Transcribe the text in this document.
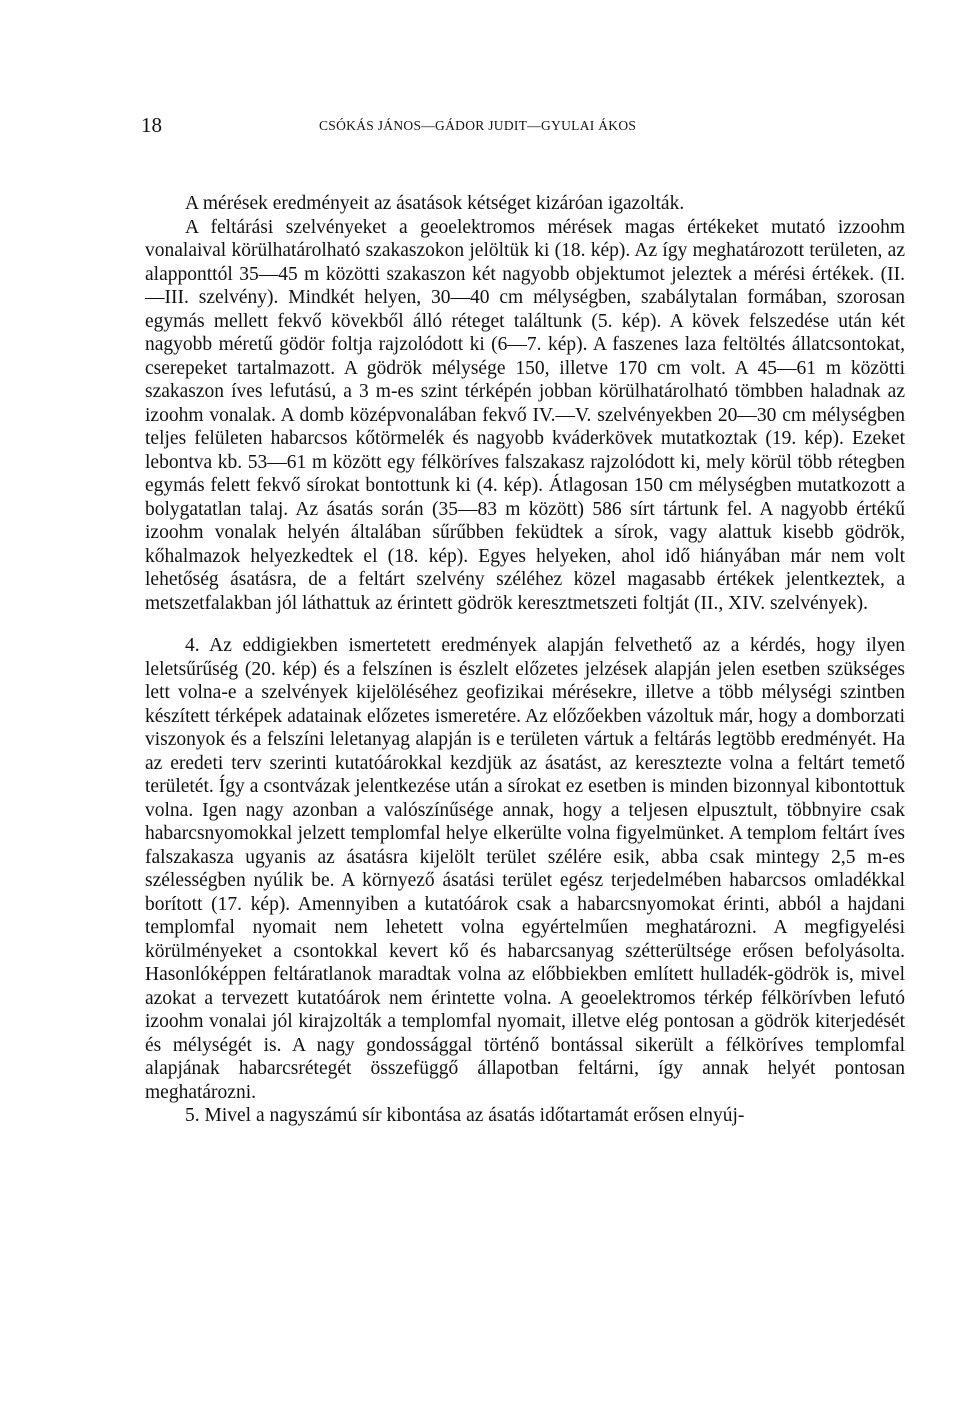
18	CSÓKÁS JÁNOS—GÁDOR JUDIT—GYULAI ÁKOS

A mérések eredményeit az ásatások kétséget kizáróan igazolták.

A feltárási szelvényeket a geoelektromos mérések magas értékeket mutató izzoohm vonalaival körülhatárolható szakaszokon jelöltük ki (18. kép). Az így meghatározott területen, az alapponttól 35—45 m közötti szakaszon két nagyobb objektumot jeleztek a mérési értékek. (II.—III. szelvény). Mindkét helyen, 30—40 cm mélységben, szabálytalan formában, szorosan egymás mellett fekvő kövekből álló réteget találtunk (5. kép). A kövek felszedése után két nagyobb méretű gödör foltja rajzolódott ki (6—7. kép). A faszenes laza feltöltés állatcsontokat, cserepeket tartalmazott. A gödrök mélysége 150, illetve 170 cm volt. A 45—61 m közötti szakaszon íves lefutású, a 3 m-es szint térképén jobban körülhatárolható tömbben haladnak az izoohm vonalak. A domb középvonalában fekvő IV.—V. szelvényekben 20—30 cm mélységben teljes felületen habarcsos kőtörmelék és nagyobb kváderkövek mutatkoztak (19. kép). Ezeket lebontva kb. 53—61 m között egy félköríves falszakasz rajzolódott ki, mely körül több rétegben egymás felett fekvő sírokat bontottunk ki (4. kép). Átlagosan 150 cm mélységben mutatkozott a bolygatatlan talaj. Az ásatás során (35—83 m között) 586 sírt tártunk fel. A nagyobb értékű izoohm vonalak helyén általában sűrűbben feküdtek a sírok, vagy alattuk kisebb gödrök, kőhalmazok helyezkedtek el (18. kép). Egyes helyeken, ahol idő hiányában már nem volt lehetőség ásatásra, de a feltárt szelvény széléhez közel magasabb értékek jelentkeztek, a metszetfalakban jól láthattuk az érintett gödrök keresztmetszeti foltját (II., XIV. szelvények).

4. Az eddigiekben ismertetett eredmények alapján felvethető az a kérdés, hogy ilyen leletsűrűség (20. kép) és a felszínen is észlelt előzetes jelzések alapján jelen esetben szükséges lett volna-e a szelvények kijelöléséhez geofizikai mérésekre, illetve a több mélységi szintben készített térképek adatainak előzetes ismeretére. Az előzőekben vázoltuk már, hogy a domborzati viszonyok és a felszíni leletanyag alapján is e területen vártuk a feltárás legtöbb eredményét. Ha az eredeti terv szerinti kutatóárokkal kezdjük az ásatást, az keresztezte volna a feltárt temető területét. Így a csontvázak jelentkezése után a sírokat ez esetben is minden bizonnyal kibontottuk volna. Igen nagy azonban a valószínűsége annak, hogy a teljesen elpusztult, többnyire csak habarcsnyomokkal jelzett templomfal helye elkerülte volna figyelmünket. A templom feltárt íves falszakasza ugyanis az ásatásra kijelölt terület szélére esik, abba csak mintegy 2,5 m-es szélességben nyúlik be. A környező ásatási terület egész terjedelmében habarcsos omladékkal borított (17. kép). Amennyiben a kutatóárok csak a habarcsnyomokat érinti, abból a hajdani templomfal nyomait nem lehetett volna egyértelműen meghatározni. A megfigyelési körülményeket a csontokkal kevert kő és habarcsanyag szétterültsége erősen befolyásolta. Hasonlóképpen feltáratlanok maradtak volna az előbbiekben említett hulladék-gödrök is, mivel azokat a tervezett kutatóárok nem érintette volna. A geoelektromos térkép félkörívben lefutó izoohm vonalai jól kirajzolták a templomfal nyomait, illetve elég pontosan a gödrök kiterjedését és mélységét is. A nagy gondossággal történő bontással sikerült a félköríves templomfal alapjának habarcsrétegét összefüggő állapotban feltárni, így annak helyét pontosan meghatározni.

5. Mivel a nagyszámú sír kibontása az ásatás időtartamát erősen elnyúj-
